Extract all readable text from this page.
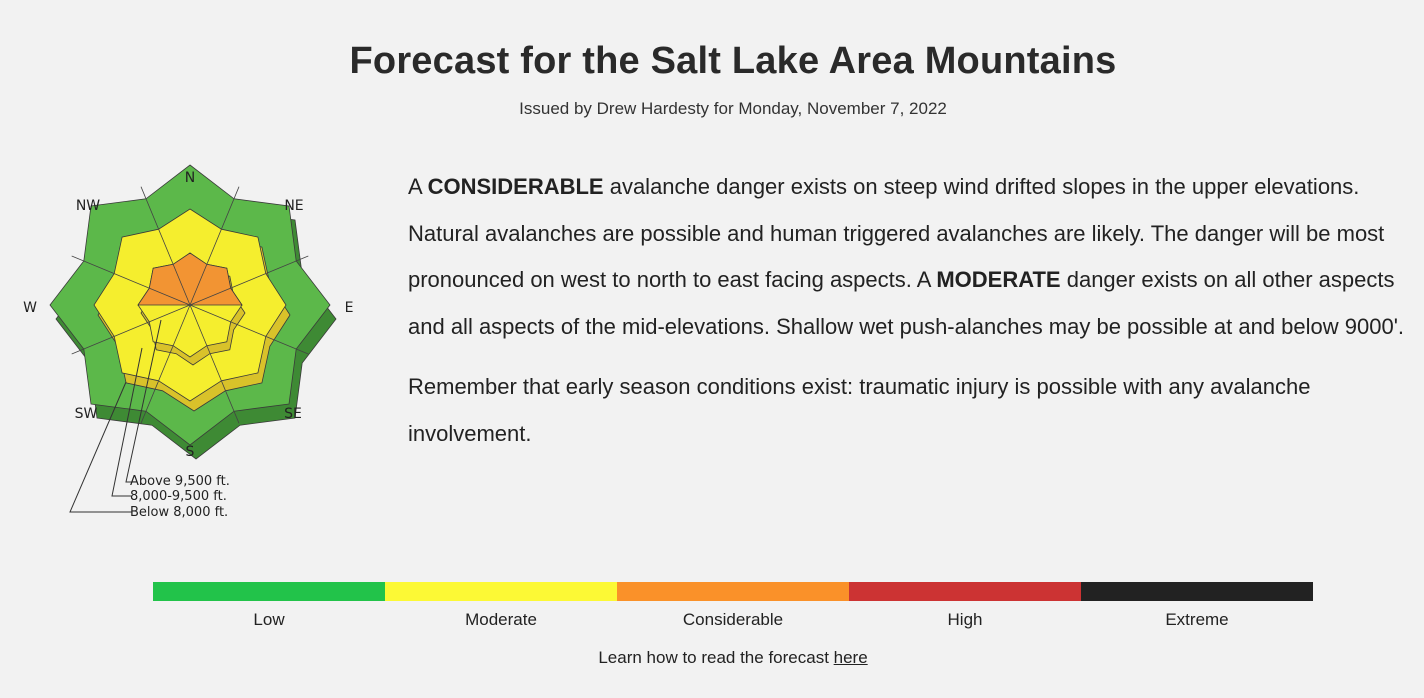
Forecast for the Salt Lake Area Mountains
Issued by Drew Hardesty for Monday, November 7, 2022
N
NE
E
SE
S
SW
W
NW
Above 9,500 ft.
8,000-9,500 ft.
Below 8,000 ft.

A CONSIDERABLE avalanche danger exists on steep wind drifted slopes in the upper elevations. Natural avalanches are possible and human triggered avalanches are likely. The danger will be most pronounced on west to north to east facing aspects. A MODERATE danger exists on all other aspects and all aspects of the mid-elevations. Shallow wet push-alanches may be possible at and below 9000'.

Remember that early season conditions exist: traumatic injury is possible with any avalanche involvement.

Low	Moderate	Considerable	High	Extreme
Learn how to read the forecast here
